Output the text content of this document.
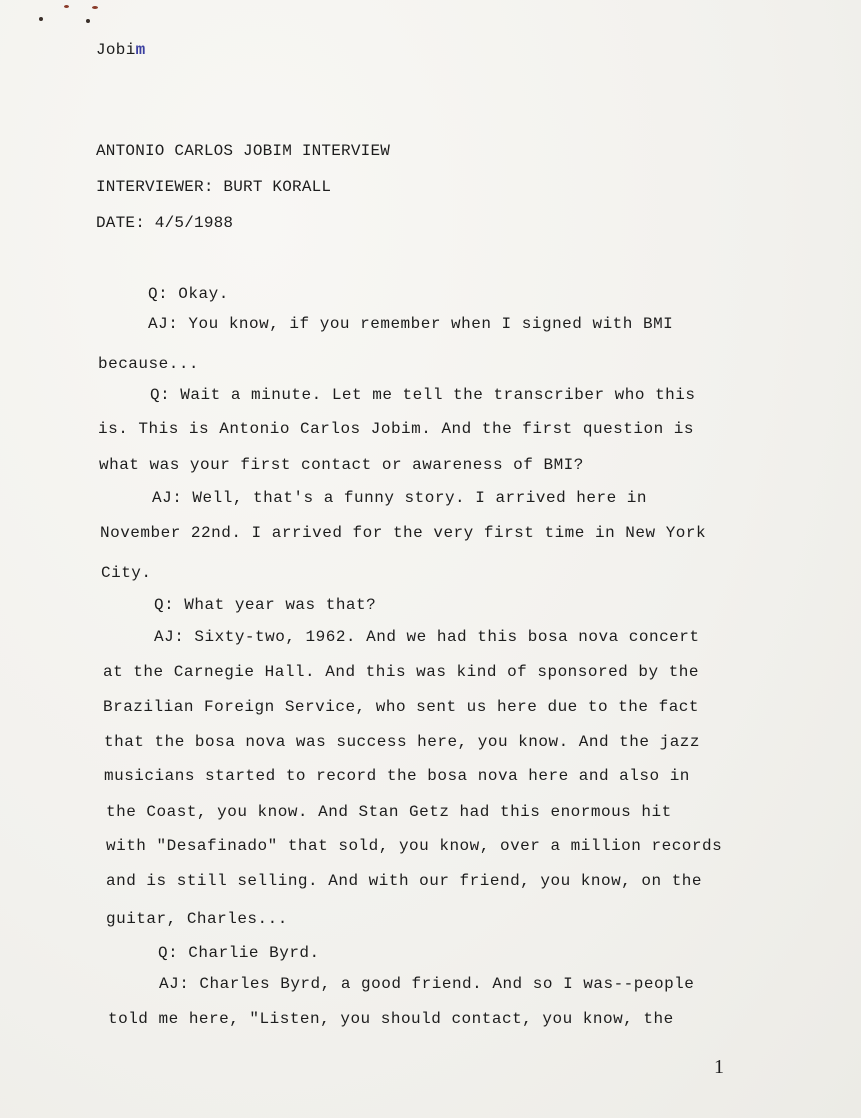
Jobim
ANTONIO CARLOS JOBIM INTERVIEW
INTERVIEWER: BURT KORALL
DATE: 4/5/1988
Q: Okay.
AJ: You know, if you remember when I signed with BMI
because...
Q: Wait a minute. Let me tell the transcriber who this
is. This is Antonio Carlos Jobim. And the first question is
what was your first contact or awareness of BMI?
AJ: Well, that's a funny story. I arrived here in
November 22nd. I arrived for the very first time in New York
City.
Q: What year was that?
AJ: Sixty-two, 1962. And we had this bosa nova concert
at the Carnegie Hall. And this was kind of sponsored by the
Brazilian Foreign Service, who sent us here due to the fact
that the bosa nova was success here, you know. And the jazz
musicians started to record the bosa nova here and also in
the Coast, you know. And Stan Getz had this enormous hit
with "Desafinado" that sold, you know, over a million records
and is still selling. And with our friend, you know, on the
guitar, Charles...
Q: Charlie Byrd.
AJ: Charles Byrd, a good friend. And so I was--people
told me here, "Listen, you should contact, you know, the
1
